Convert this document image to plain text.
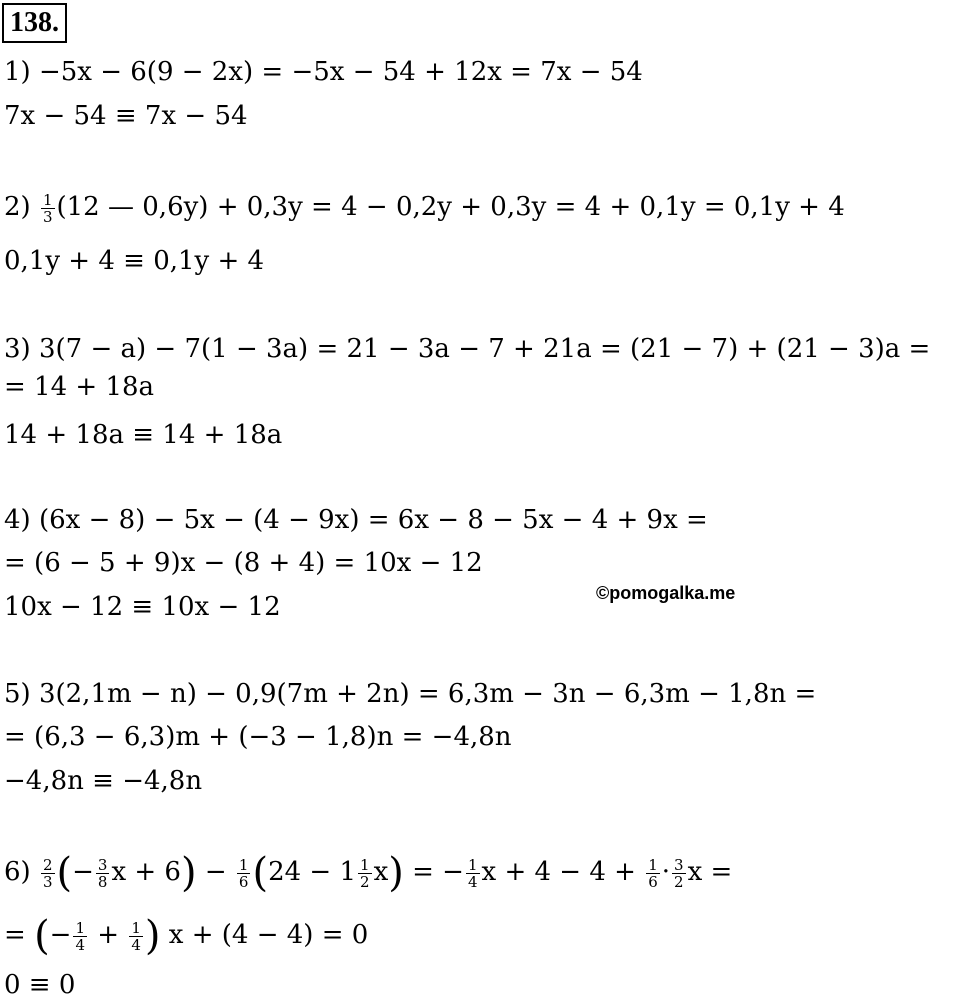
138.
1) −5x − 6(9 − 2x) = −5x − 54 + 12x = 7x − 54
7x − 54 ≡ 7x − 54
$2) \frac{1}{3} (12$ — 0,6y) + 0,3y = 4 − 0,2y + 0,3y = 4 + 0,1y = 0,1y + 4
0,1y + 4 ≡ 0,1y + 4
3) 3(7 − a) − 7(1 − 3a) = 21 − 3a − 7 + 21a = (21 − 7) + (21 − 3)a =
= 14 + 18a
14 + 18a ≡ 14 + 18a
4) (6x − 8) − 5x − (4 − 9x) = 6x − 8 − 5x − 4 + 9x =
= (6 − 5 + 9)x − (8 + 4) = 10x − 12
10x − 12 ≡ 10x − 12	©pomogalka.me
5) 3(2,1m − n) − 0,9(7m + 2n) = 6,3m − 3n − 6,3m − 1,8n =
= (6,3 − 6,3)m + (−3 − 1,8)n = −4,8n
−4,8n ≡ −4,8n
$6) \frac{2}{3}$ (− $\frac{3}{8}$ $x + 6) - \frac{1}{6} (24 - 1 \frac{1}{2} x)$ = − $\frac{1}{4}$ $x + 4 - 4 + \frac{1}{6} \cdot \frac{3}{2}$ x =
= (− $\frac{1}{4} + \frac{1}{4}$ ) x + (4 − 4) = 0
0 ≡ 0
